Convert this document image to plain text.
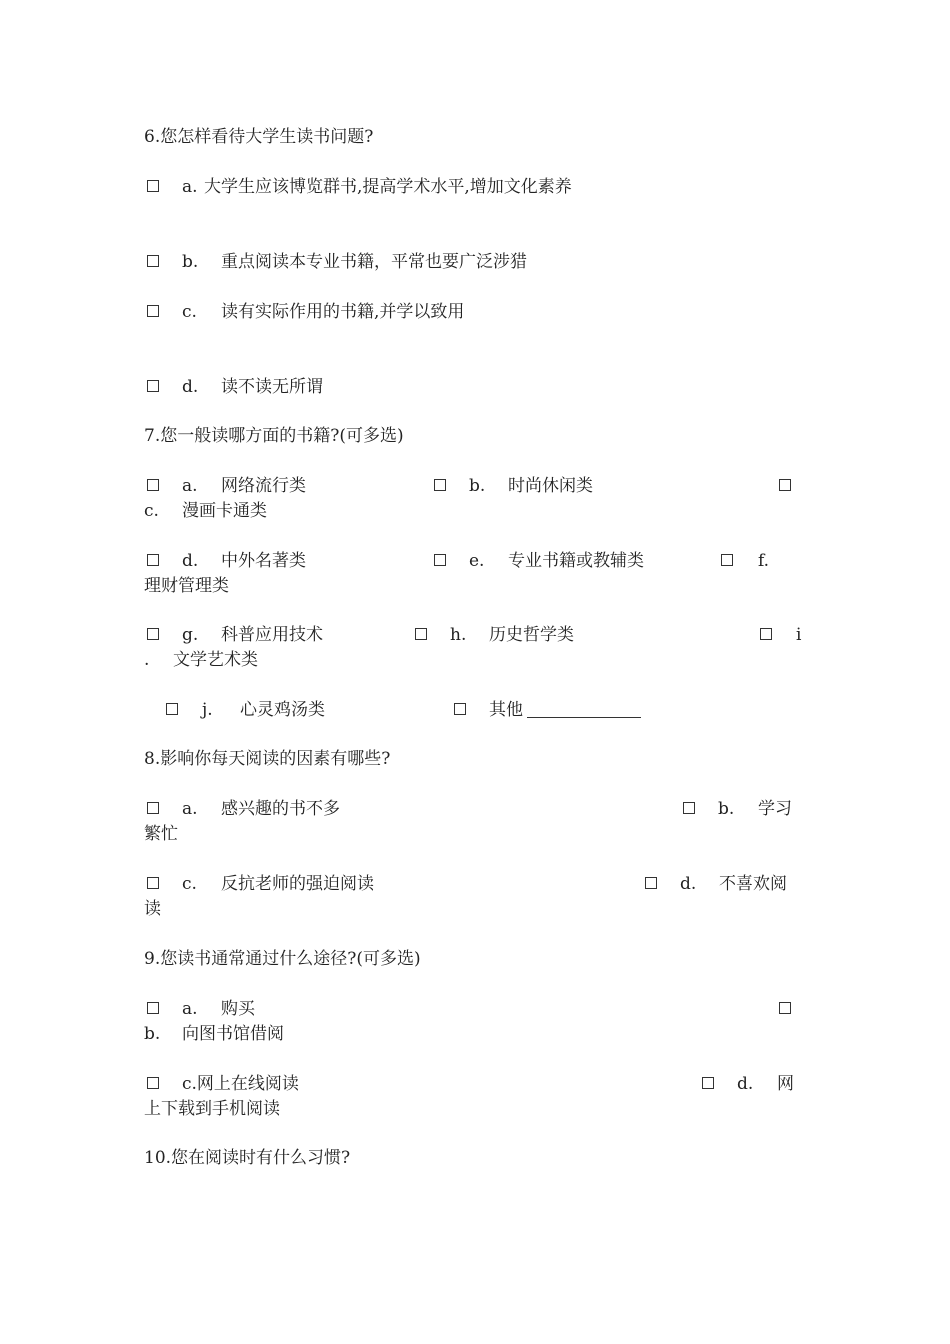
6.您怎样看待大学生读书问题?
a. 大学生应该博览群书,提高学术水平,增加文化素养
b. 重点阅读本专业书籍，平常也要广泛涉猎
c. 读有实际作用的书籍,并学以致用
d. 读不读无所谓
7.您一般读哪方面的书籍?(可多选)
a. 网络流行类	b. 时尚休闲类
c. 漫画卡通类
d. 中外名著类	e. 专业书籍或教辅类	f.
理财管理类
g. 科普应用技术	h. 历史哲学类	i
. 文学艺术类
j. 心灵鸡汤类	其他
8.影响你每天阅读的因素有哪些?
a. 感兴趣的书不多	b. 学习
繁忙
c. 反抗老师的强迫阅读	d. 不喜欢阅
读
9.您读书通常通过什么途径?(可多选)
a. 购买
b. 向图书馆借阅
c.网上在线阅读	d. 网
上下载到手机阅读
10.您在阅读时有什么习惯?
